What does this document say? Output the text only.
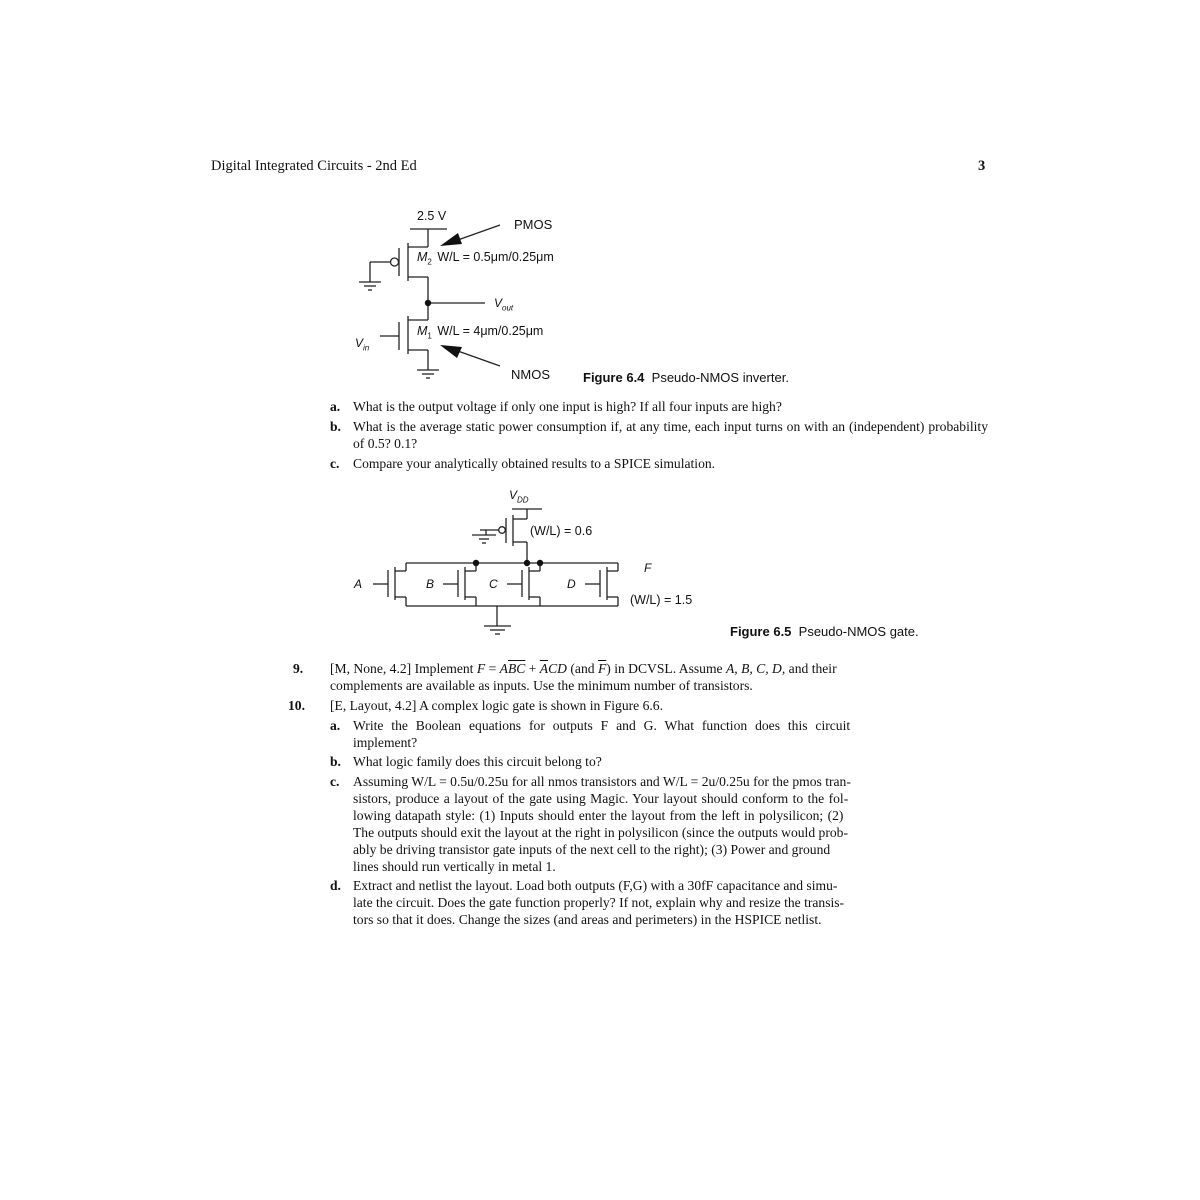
Digital Integrated Circuits - 2nd Ed	3
2.5 V
PMOS
$M_2$ W/L = 0.5μm/0.25μm
$V_{out}$
$M_1$ W/L = 4μm/0.25μm
$V_{in}$
NMOS	Figure 6.4 Pseudo-NMOS inverter.
a. What is the output voltage if only one input is high? If all four inputs are high?
b. What is the average static power consumption if, at any time, each input turns on with an (independent) probability of 0.5? 0.1?
c. Compare your analytically obtained results to a SPICE simulation.
$V_{DD}$
(W/L) = 0.6
F
(W/L) = 1.5
A	B	C	D
Figure 6.5 Pseudo-NMOS gate.
9. [M, None, 4.2] Implement $F = A\overline{BC} + \overline{A}CD$ (and $\overline{F}$) in DCVSL. Assume A, B, C, D, and their
complements are available as inputs. Use the minimum number of transistors.
10. [E, Layout, 4.2] A complex logic gate is shown in Figure 6.6.
a. Write the Boolean equations for outputs F and G. What function does this circuit
implement?
b. What logic family does this circuit belong to?
c. Assuming W/L = 0.5u/0.25u for all nmos transistors and W/L = 2u/0.25u for the pmos tran-
sistors, produce a layout of the gate using Magic. Your layout should conform to the fol-
lowing datapath style: (1) Inputs should enter the layout from the left in polysilicon; (2)
The outputs should exit the layout at the right in polysilicon (since the outputs would prob-
ably be driving transistor gate inputs of the next cell to the right); (3) Power and ground
lines should run vertically in metal 1.
d. Extract and netlist the layout. Load both outputs (F,G) with a 30fF capacitance and simu-
late the circuit. Does the gate function properly? If not, explain why and resize the transis-
tors so that it does. Change the sizes (and areas and perimeters) in the HSPICE netlist.
